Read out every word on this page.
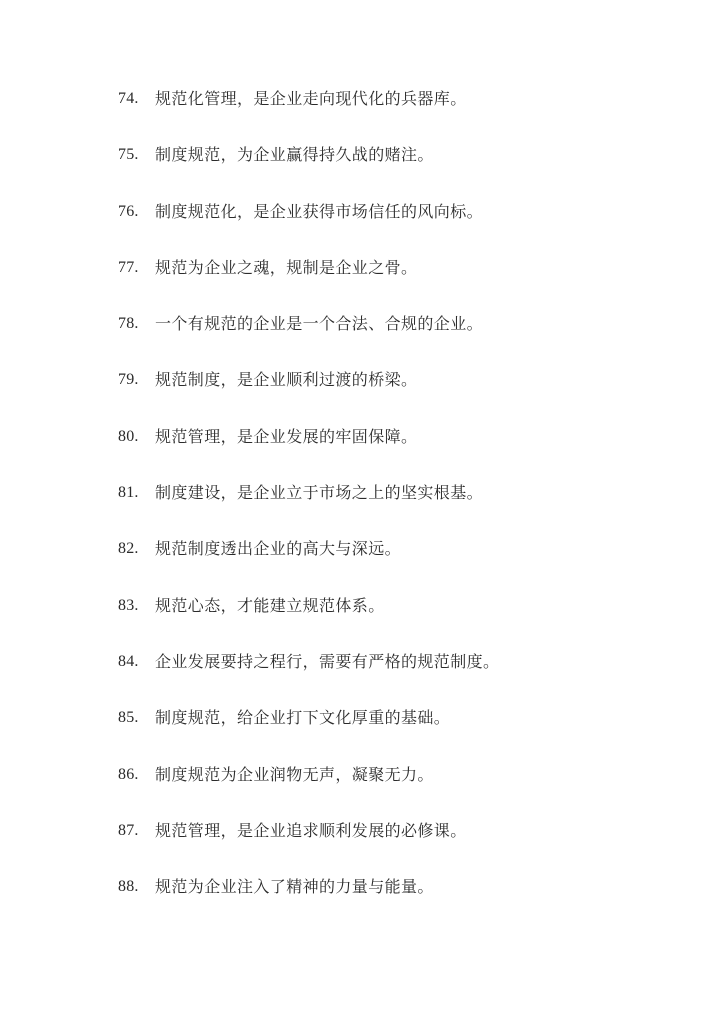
74.	规范化管理，是企业走向现代化的兵器库。
75.	制度规范，为企业赢得持久战的赌注。
76.	制度规范化，是企业获得市场信任的风向标。
77.	规范为企业之魂，规制是企业之骨。
78.	一个有规范的企业是一个合法、合规的企业。
79.	规范制度，是企业顺利过渡的桥梁。
80.	规范管理，是企业发展的牢固保障。
81.	制度建设，是企业立于市场之上的坚实根基。
82.	规范制度透出企业的高大与深远。
83.	规范心态，才能建立规范体系。
84.	企业发展要持之程行，需要有严格的规范制度。
85.	制度规范，给企业打下文化厚重的基础。
86.	制度规范为企业润物无声，凝聚无力。
87.	规范管理，是企业追求顺利发展的必修课。
88.	规范为企业注入了精神的力量与能量。
